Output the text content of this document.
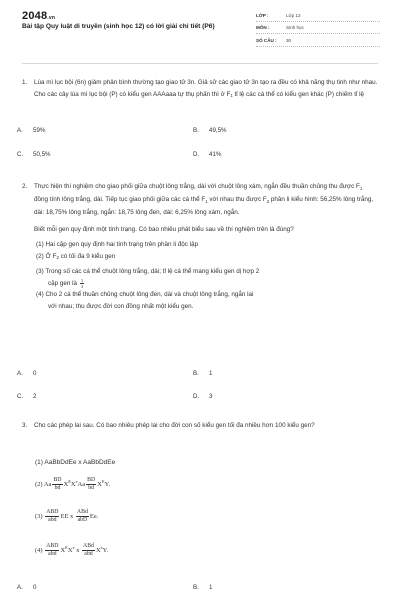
2048.vn
Bài tập Quy luật di truyền (sinh học 12) có lời giải chi tiết (P6)
LỚP :	Lớp 12
MÔN :	Sinh học
SỐ CÂU :	30
1. Lúa mì lục bội (6n) giảm phân bình thường tạo giao tử 3n. Giả sử các giao tử 3n tạo ra đều có khả năng thụ tinh như nhau. Cho các cây lúa mì lục bội (P) có kiểu gen AAAaaa tự thụ phấn thì ở F1 tỉ lệ các cá thể có kiểu gen khác (P) chiếm tỉ lệ
A. 59%	B. 49,5%
C. 50,5%	D. 41%
2. Thực hiện thí nghiệm cho giao phối giữa chuột lông trắng, dài với chuột lông xám, ngắn đều thuần chủng thu được F1 đồng tính lông trắng, dài. Tiếp tục giao phối giữa các cá thể F1 với nhau thu được F2 phân li kiểu hình: 56,25% lông trắng, dài: 18,75% lông trắng, ngắn: 18,75 lông đen, dài: 6,25% lông xám, ngắn.
Biết mỗi gen quy định một tính trạng. Có bao nhiêu phát biểu sau về thí nghiệm trên là đúng?
(1) Hai cặp gen quy định hai tính trạng trên phân li độc lập
(2) Ở F2 có tối đa 9 kiểu gen
(3) Trong số các cá thể chuột lông trắng, dài; tỉ lệ cá thể mang kiểu gen dị hợp 2
cặp gen là $\frac{1}{3}$
(4) Cho 2 cá thể thuần chủng chuột lông đen, dài và chuột lông trắng, ngắn lai
với nhau; thu được đời con đồng nhất một kiểu gen.
A. 0	B. 1
C. 2	D. 3
3. Cho các phép lai sau. Có bao nhiêu phép lai cho đời con số kiểu gen tối đa nhiều hơn 100 kiểu gen?
(1) AaBbDdEe x AaBbDdEe
(2) Aa $\frac{BD}{bd} X^EXeAa \frac{BD}{bd} X^EY$.
$(3) \frac{\text{ABD}}{\text{abd}}$ EE x $\frac{\text{ABd}}{\text{abD}} Ee$.
$(4) \frac{\text{ABD}}{\text{abd}} X^EXe$ x $\frac{\text{ABd}}{\text{abd}} XeY$.
A. 0	B. 1
